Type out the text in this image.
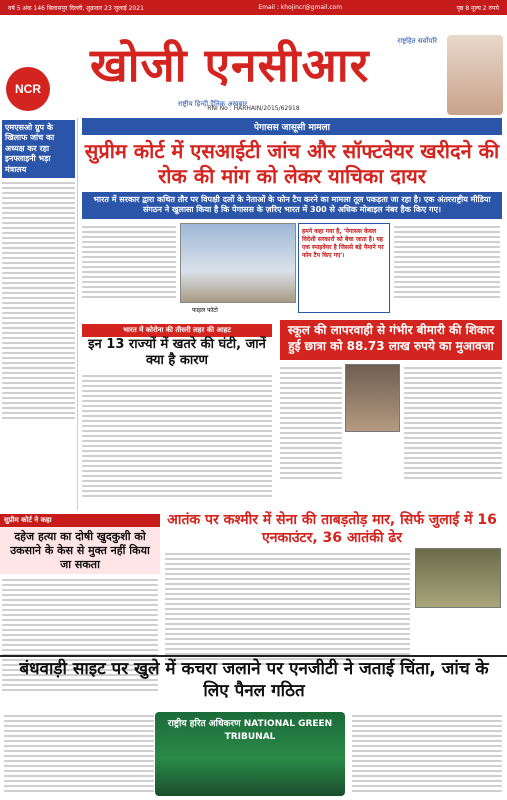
वर्ष 5 अंक 146 बिलासपुर दिल्ली, शुक्रवार 23 जुलाई 2021	Email : khojincr@gmail.com	पृष्ठ 8 मूल्य 2 रुपये
NCR खोजी एनसीआर
राष्ट्रीय हिन्दी दैनिक अखबार
राष्ट्रहित सर्वोपरि
RNI No : HARHAIN/2015/62918
एमएसओ ग्रुप के खिलाफ जांच का अध्यक्ष कर रहा इनफ्लाइनी भड़ा मंत्रालय
पेगासस जासूसी मामला
सुप्रीम कोर्ट में एसआईटी जांच और सॉफ्टवेयर खरीदने की रोक की मांग को लेकर याचिका दायर
भारत में सरकार द्वारा कथित तौर पर विपक्षी दलों के नेताओं के फोन टैप करने का मामला तूल पकड़ता जा रहा है। एक अंतरराष्ट्रीय मीडिया संगठन ने खुलासा किया है कि पेगासस के ज़रिए भारत में 300 से अधिक मोबाइल नंबर हैक किए गए।
फाइल फोटो
हमने कहा गया है, 'पेगासस केवल विदेशी सरकारों को बेचा जाता है। यह एक स्पाइवेयर है जिससे बड़े पैमाने पर फोन टैप किए गए'।
भारत में कोरोना की तीसरी लहर की आहट
इन 13 राज्यों में खतरे की घंटी, जानें क्या है कारण
स्कूल की लापरवाही से गंभीर बीमारी की शिकार हुई छात्रा को 88.73 लाख रुपये का मुआवजा
सुप्रीम कोर्ट ने कहा
दहेज हत्या का दोषी खुदकुशी को उकसाने के केस से मुक्त नहीं किया जा सकता
आतंक पर कश्मीर में सेना की ताबड़तोड़ मार, सिर्फ जुलाई में 16 एनकाउंटर, 36 आतंकी ढेर
बंधवाड़ी साइट पर खुले में कचरा जलाने पर एनजीटी ने जताई चिंता, जांच के लिए पैनल गठित
राष्ट्रीय हरित अधिकरण NATIONAL GREEN TRIBUNAL
